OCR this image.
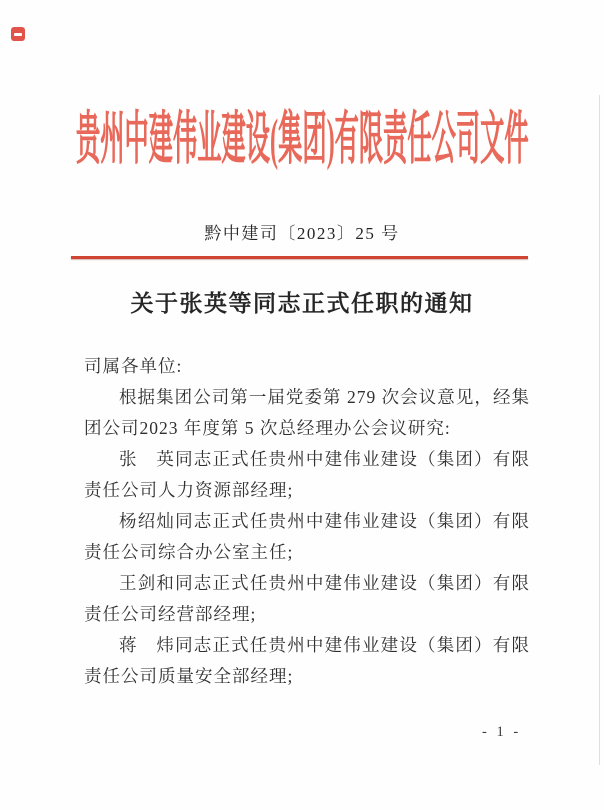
贵州中建伟业建设(集团)有限责任公司文件
黔中建司〔2023〕25 号
关于张英等同志正式任职的通知

司属各单位:

根据集团公司第一届党委第 279 次会议意见，经集团公司2023 年度第 5 次总经理办公会议研究:

张　英同志正式任贵州中建伟业建设（集团）有限责任公司人力资源部经理;

杨绍灿同志正式任贵州中建伟业建设（集团）有限责任公司综合办公室主任;

王剑和同志正式任贵州中建伟业建设（集团）有限责任公司经营部经理;

蒋　炜同志正式任贵州中建伟业建设（集团）有限责任公司质量安全部经理;

- 1 -
